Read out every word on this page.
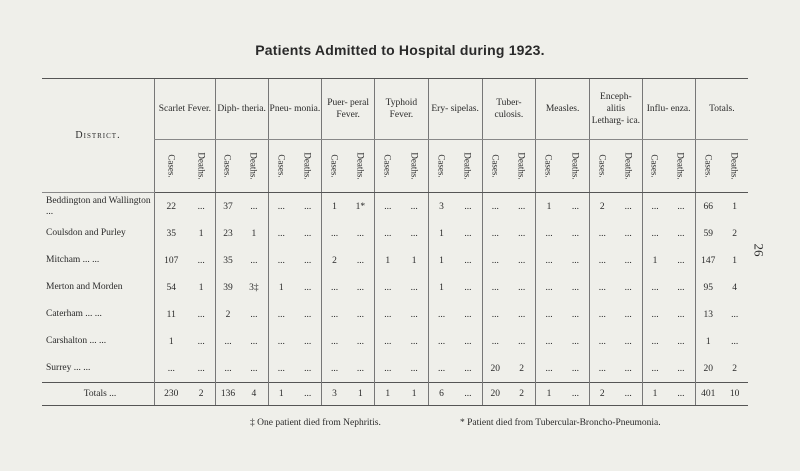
Patients Admitted to Hospital during 1923.
26
District.	Scarlet Fever.		Diph- theria.		Pneu- monia.		Puer- peral Fever.		Typhoid Fever.		Ery- sipelas.		Tuber- culosis.		Measles.		Enceph- alitis Letharg- ica.		Influ- enza.		Totals.	
	Cases.	Deaths.	Cases.	Deaths.	Cases.	Deaths.	Cases.	Deaths.	Cases.	Deaths.	Cases.	Deaths.	Cases.	Deaths.	Cases.	Deaths.	Cases.	Deaths.	Cases.	Deaths.	Cases.	Deaths.
Beddington and Wallington ...	22	...	37	...	...	...	1	1*	...	...	3	...	...	...	1	...	2	...	...	...	66	1
Coulsdon and Purley	35	1	23	1	...	...	...	...	...	...	1	...	...	...	...	...	...	...	...	...	59	2
Mitcham ... ...	107	...	35	...	...	...	2	...	1	1	1	...	...	...	...	...	...	...	1	...	147	1
Merton and Morden	54	1	39	3‡	1	...	...	...	...	...	1	...	...	...	...	...	...	...	...	...	95	4
Caterham ... ...	11	...	2	...	...	...	...	...	...	...	...	...	...	...	...	...	...	...	...	...	13	...
Carshalton ... ...	1	...	...	...	...	...	...	...	...	...	...	...	...	...	...	...	...	...	...	...	1	...
Surrey ... ...	...	...	...	...	...	...	...	...	...	...	...	...	20	2	...	...	...	...	...	...	20	2
Totals ...	230	2	136	4	1	...	3	1	1	1	6	...	20	2	1	...	2	...	1	...	401	10
‡ One patient died from Nephritis.	* Patient died from Tubercular-Broncho-Pneumonia.
